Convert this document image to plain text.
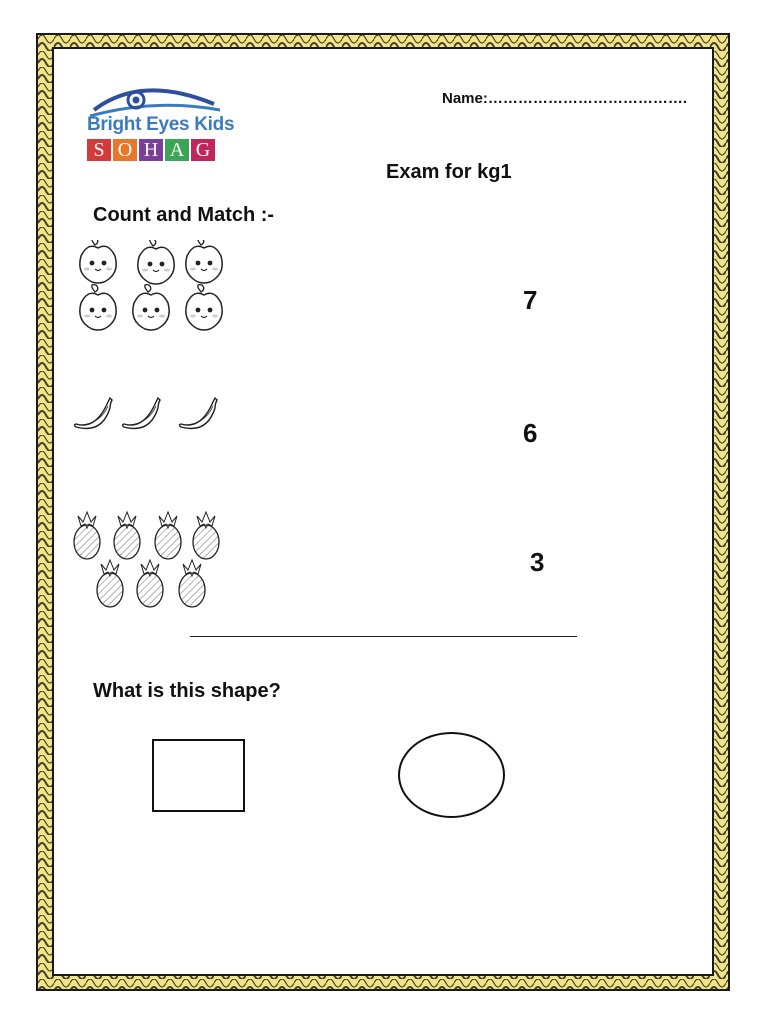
Bright Eyes Kids
S O H A G
Name:………………………………….
Exam for kg1
Count and Match :-
7
6
3
What is this shape?
